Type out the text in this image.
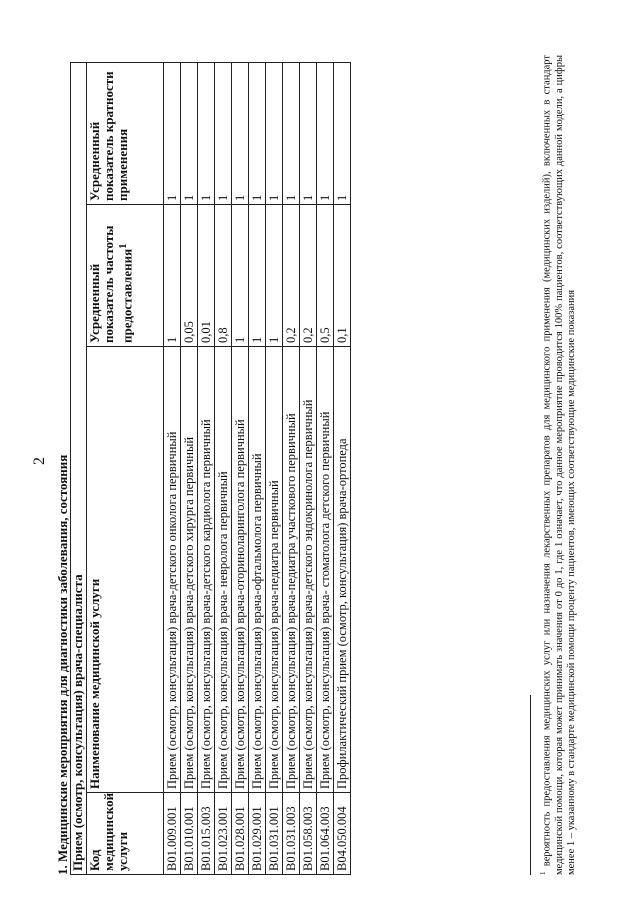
2 1. Медицинские мероприятия для диагностики заболевания, состояния Прием (осмотр, консультация) врача-специалиста			
Код медицинской услуги	Наименование медицинской услуги	Усредненный показатель частоты предоставления$^1$	Усредненный показатель кратности применения
B01.009.001	Прием (осмотр, консультация) врача-детского онколога первичный	1	1
B01.010.001	Прием (осмотр, консультация) врача-детского хирурга первичный	0,05	1
B01.015.003	Прием (осмотр, консультация) врача-детского кардиолога первичный	0,01	1
B01.023.001	Прием (осмотр, консультация) врача- невролога первичный	0,8	1
B01.028.001	Прием (осмотр, консультация) врача-оториноларинголога первичный	1	1
B01.029.001	Прием (осмотр, консультация) врача-офтальмолога первичный	1	1
B01.031.001	Прием (осмотр, консультация) врача-педиатра первичный	1	1
B01.031.003	Прием (осмотр, консультация) врача-педиатра участкового первичный	0,2	1
B01.058.003	Прием (осмотр, консультация) врача-детского эндокринолога первичный	0,2	1
B01.064.003	Прием (осмотр, консультация) врача- стоматолога детского первичный	0,5	1
B04.050.004	Профилактический прием (осмотр, консультация) врача-ортопеда	0,1	1
$^1$ вероятность предоставления медицинских услуг или назначения лекарственных препаратов для медицинского применения (медицинских изделий), включенных в стандарт медицинской помощи, которая может принимать значения от 0 до 1, где 1 означает, что данное мероприятие проводится 100% пациентов, соответствующих данной модели, а цифры менее 1 – указанному в стандарте медицинской помощи проценту пациентов, имеющих соответствующие медицинские показания
